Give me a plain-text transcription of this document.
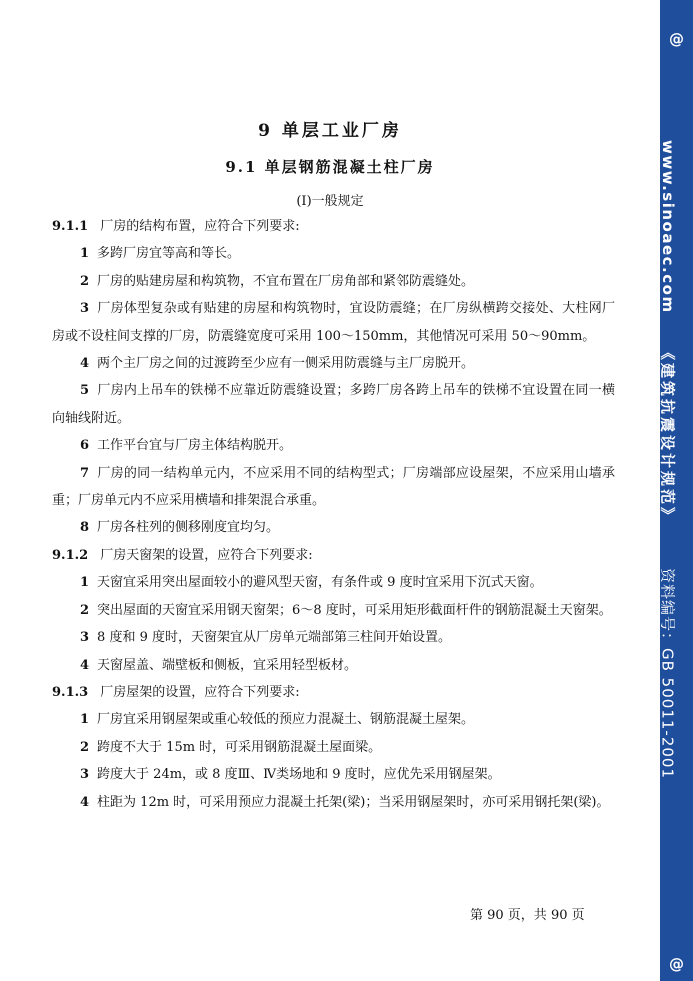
9 单层工业厂房
9.1 单层钢筋混凝土柱厂房
(I)一般规定

9.1.1 厂房的结构布置，应符合下列要求:

1 多跨厂房宜等高和等长。

2 厂房的贴建房屋和构筑物，不宜布置在厂房角部和紧邻防震缝处。

3 厂房体型复杂或有贴建的房屋和构筑物时，宜设防震缝；在厂房纵横跨交接处、大柱网厂房或不设柱间支撑的厂房，防震缝宽度可采用 100～150mm，其他情况可采用 50～90mm。

4 两个主厂房之间的过渡跨至少应有一侧采用防震缝与主厂房脱开。

5 厂房内上吊车的铁梯不应靠近防震缝设置；多跨厂房各跨上吊车的铁梯不宜设置在同一横向轴线附近。

6 工作平台宜与厂房主体结构脱开。

7 厂房的同一结构单元内，不应采用不同的结构型式；厂房端部应设屋架，不应采用山墙承重；厂房单元内不应采用横墙和排架混合承重。

8 厂房各柱列的侧移刚度宜均匀。

9.1.2 厂房天窗架的设置，应符合下列要求:

1 天窗宜采用突出屋面较小的避风型天窗，有条件或 9 度时宜采用下沉式天窗。

2 突出屋面的天窗宜采用钢天窗架；6～8 度时，可采用矩形截面杆件的钢筋混凝土天窗架。

3 8 度和 9 度时，天窗架宜从厂房单元端部第三柱间开始设置。

4 天窗屋盖、端壁板和侧板，宜采用轻型板材。

9.1.3 厂房屋架的设置，应符合下列要求:

1 厂房宜采用钢屋架或重心较低的预应力混凝土、钢筋混凝土屋架。

2 跨度不大于 15m 时，可采用钢筋混凝土屋面梁。

3 跨度大于 24m，或 8 度Ⅲ、Ⅳ类场地和 9 度时，应优先采用钢屋架。

4 柱距为 12m 时，可采用预应力混凝土托架(梁)；当采用钢屋架时，亦可采用钢托架(梁)。

第 90 页，共 90 页
@
www.sinoaec.com
《建筑抗震设计规范》
资料编号：GB 50011-2001
@
